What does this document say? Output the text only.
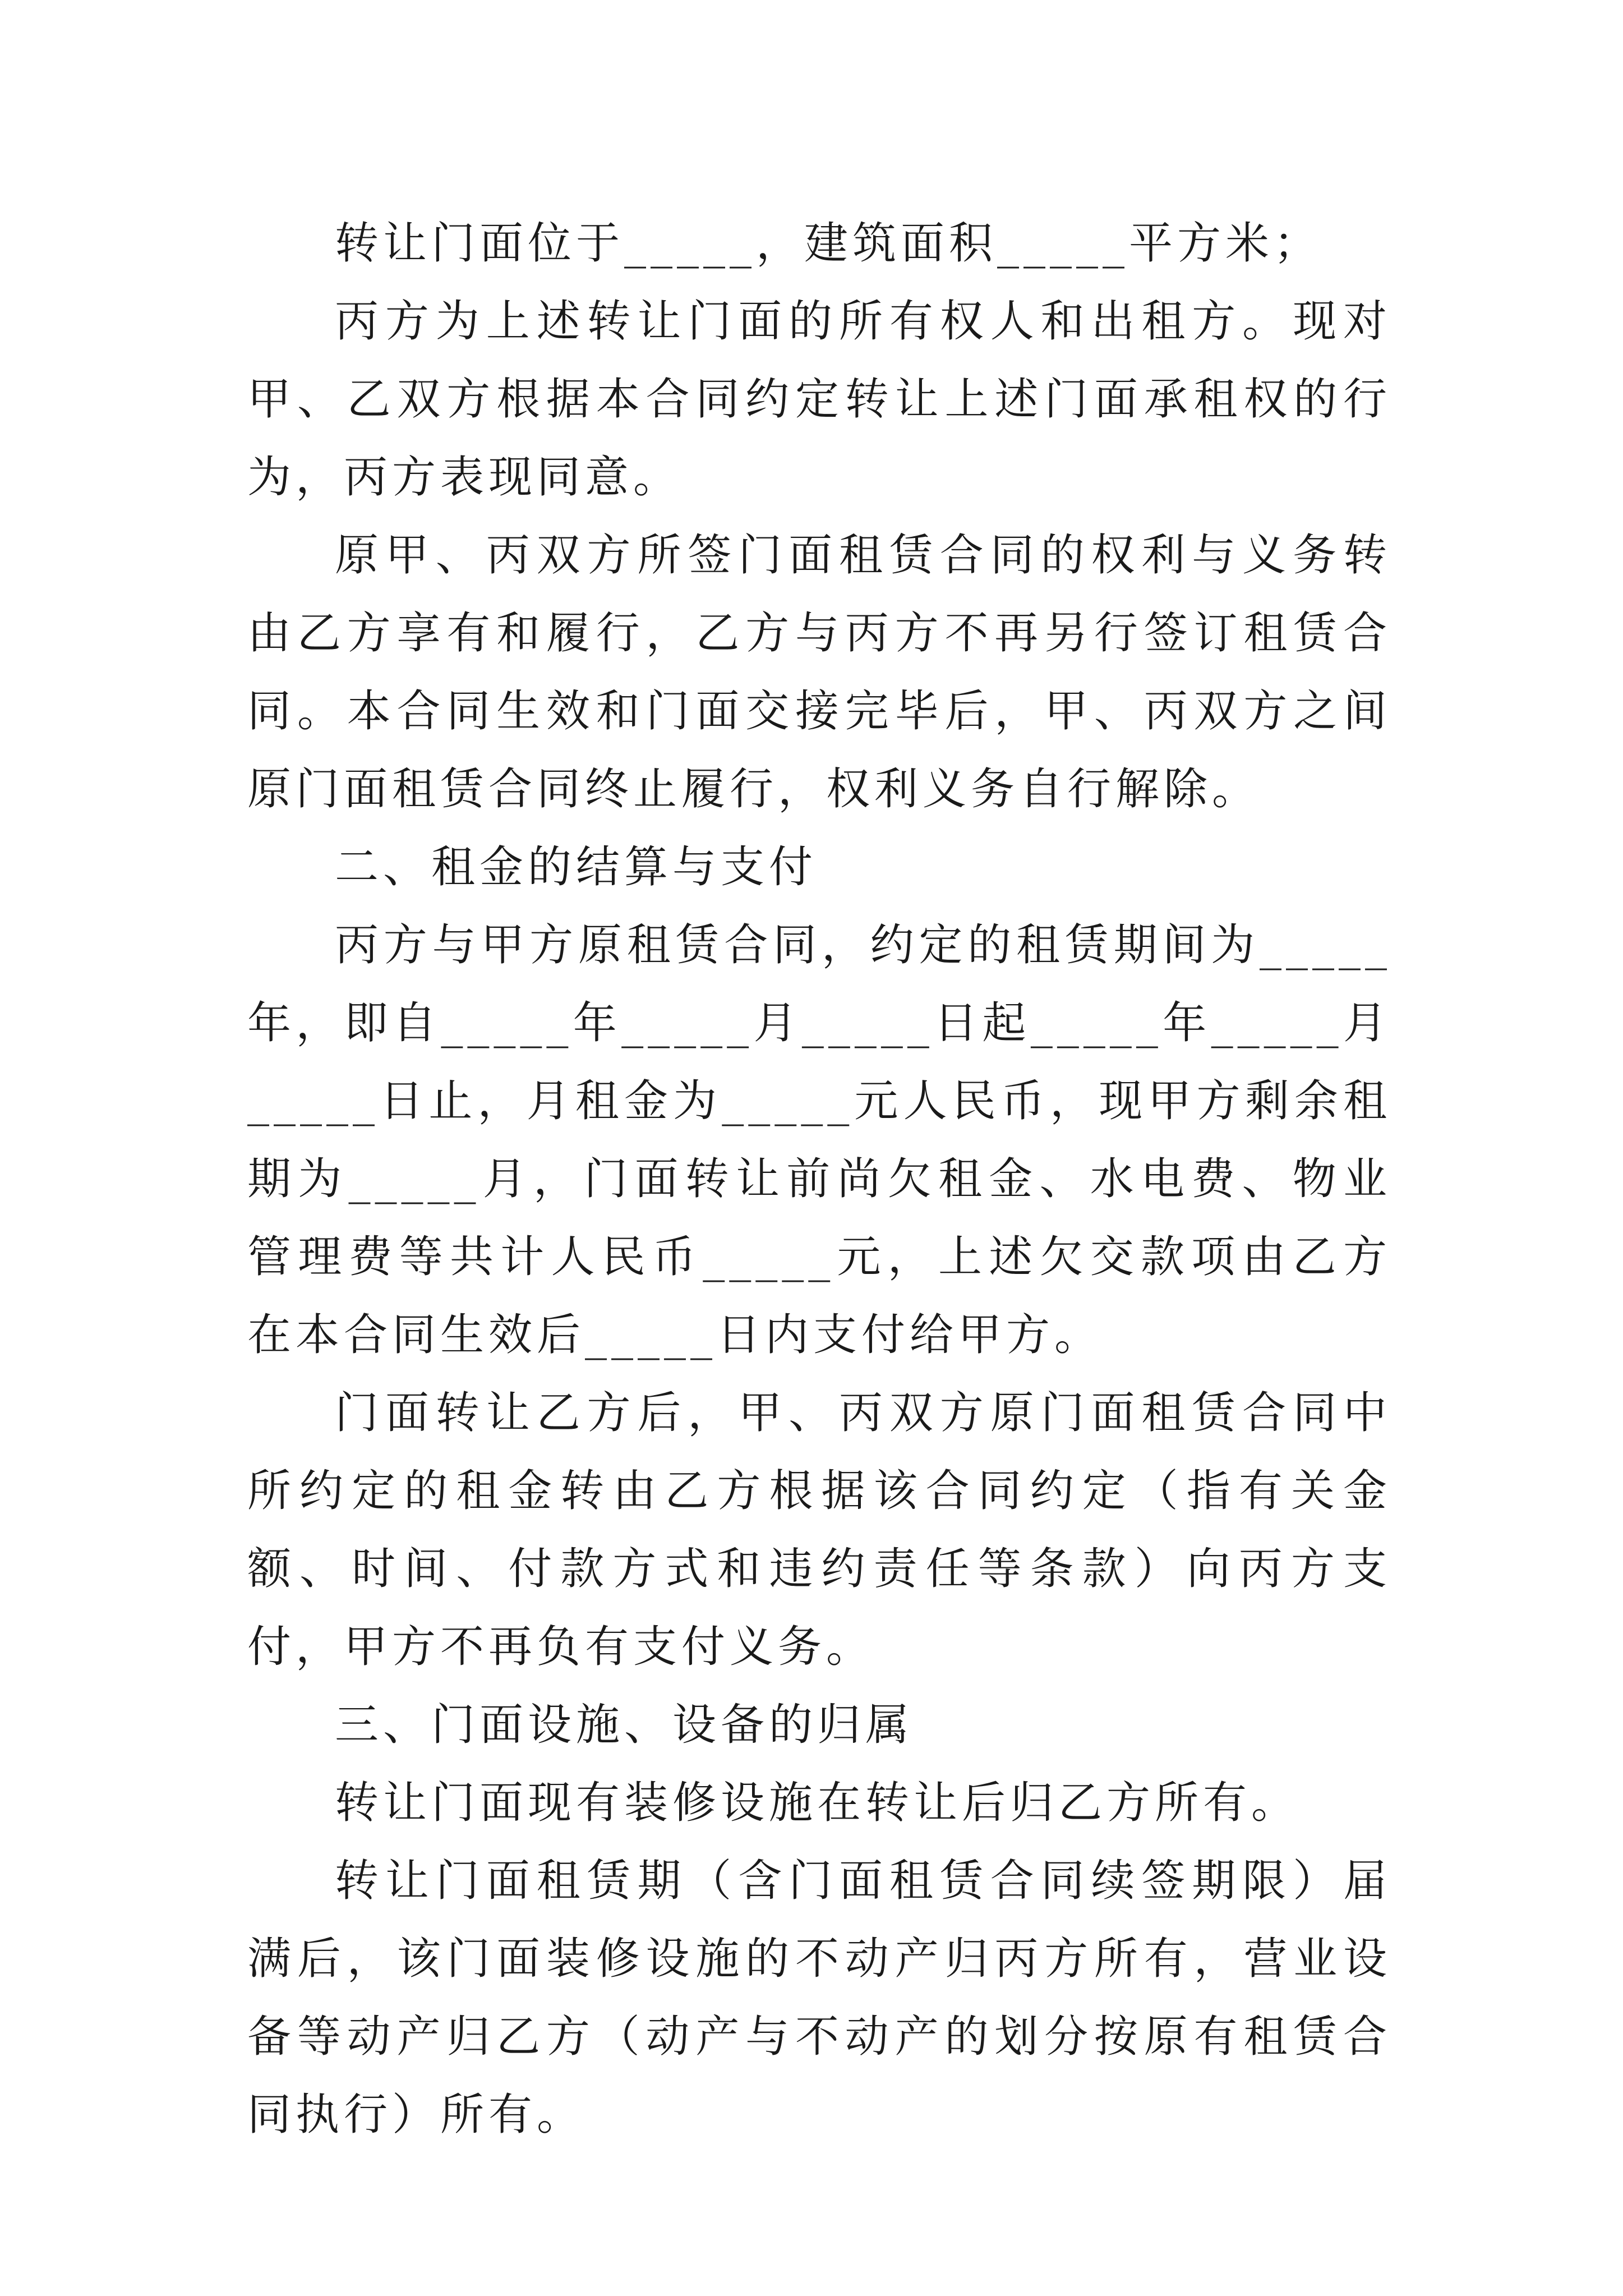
转让门面位于_____，建筑面积_____平方米；

丙方为上述转让门面的所有权人和出租方。现对甲、乙双方根据本合同约定转让上述门面承租权的行为，丙方表现同意。

原甲、丙双方所签门面租赁合同的权利与义务转由乙方享有和履行，乙方与丙方不再另行签订租赁合同。本合同生效和门面交接完毕后，甲、丙双方之间原门面租赁合同终止履行，权利义务自行解除。

二、租金的结算与支付

丙方与甲方原租赁合同，约定的租赁期间为_____年，即自_____年_____月_____日起_____年_____月_____日止，月租金为_____元人民币，现甲方剩余租期为_____月，门面转让前尚欠租金、水电费、物业管理费等共计人民币_____元，上述欠交款项由乙方在本合同生效后_____日内支付给甲方。

门面转让乙方后，甲、丙双方原门面租赁合同中所约定的租金转由乙方根据该合同约定（指有关金额、时间、付款方式和违约责任等条款）向丙方支付，甲方不再负有支付义务。

三、门面设施、设备的归属

转让门面现有装修设施在转让后归乙方所有。

转让门面租赁期（含门面租赁合同续签期限）届满后，该门面装修设施的不动产归丙方所有，营业设备等动产归乙方（动产与不动产的划分按原有租赁合同执行）所有。
